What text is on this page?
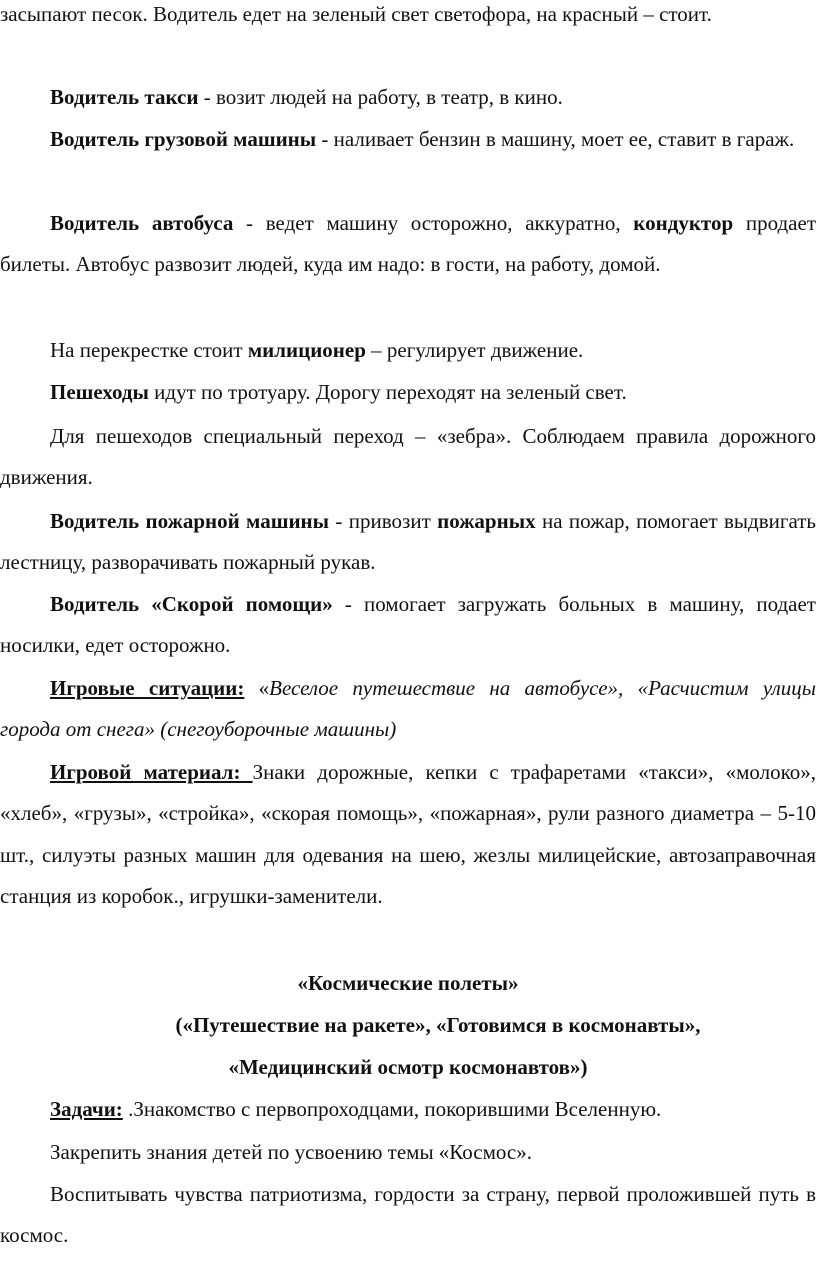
засыпают песок. Водитель едет на зеленый свет светофора, на красный – стоит.

Водитель такси - возит людей на работу, в театр, в кино.

Водитель грузовой машины - наливает бензин в машину, моет ее, ставит в гараж.

Водитель автобуса - ведет машину осторожно, аккуратно, кондуктор продает билеты. Автобус развозит людей, куда им надо: в гости, на работу, домой.

На перекрестке стоит милиционер – регулирует движение.

Пешеходы идут по тротуару. Дорогу переходят на зеленый свет.

Для пешеходов специальный переход – «зебра». Соблюдаем правила дорожного движения.

Водитель пожарной машины - привозит пожарных на пожар, помогает выдвигать лестницу, разворачивать пожарный рукав.

Водитель «Скорой помощи» - помогает загружать больных в машину, подает носилки, едет осторожно.

Игровые ситуации: «Веселое путешествие на автобусе», «Расчистим улицы города от снега» (снегоуборочные машины)

Игровой материал: Знаки дорожные, кепки с трафаретами «такси», «молоко», «хлеб», «грузы», «стройка», «скорая помощь», «пожарная», рули разного диаметра – 5-10 шт., силуэты разных машин для одевания на шею, жезлы милицейские, автозаправочная станция из коробок., игрушки-заменители.

«Космические полеты»

(«Путешествие на ракете», «Готовимся в космонавты»,

«Медицинский осмотр космонавтов»)

Задачи: .Знакомство с первопроходцами, покорившими Вселенную.

Закрепить знания детей по усвоению темы «Космос».

Воспитывать чувства патриотизма, гордости за страну, первой проложившей путь в космос.
